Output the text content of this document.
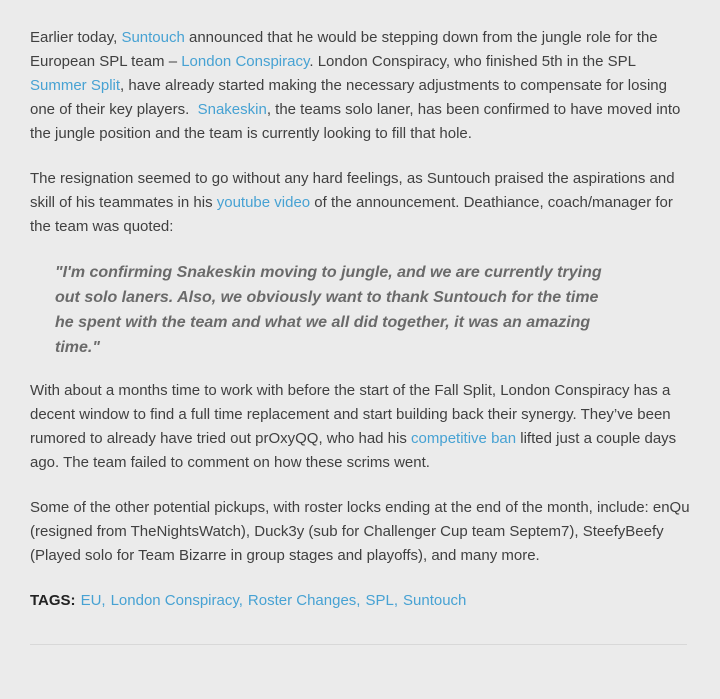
Earlier today, Suntouch announced that he would be stepping down from the jungle role for the European SPL team – London Conspiracy. London Conspiracy, who finished 5th in the SPL Summer Split, have already started making the necessary adjustments to compensate for losing one of their key players.  Snakeskin, the teams solo laner, has been confirmed to have moved into the jungle position and the team is currently looking to fill that hole.

The resignation seemed to go without any hard feelings, as Suntouch praised the aspirations and skill of his teammates in his youtube video of the announcement. Deathiance, coach/manager for the team was quoted:

"I'm confirming Snakeskin moving to jungle, and we are currently trying out solo laners. Also, we obviously want to thank Suntouch for the time he spent with the team and what we all did together, it was an amazing time."

With about a months time to work with before the start of the Fall Split, London Conspiracy has a decent window to find a full time replacement and start building back their synergy. They’ve been rumored to already have tried out prOxyQQ, who had his competitive ban lifted just a couple days ago. The team failed to comment on how these scrims went.

Some of the other potential pickups, with roster locks ending at the end of the month, include: enQu (resigned from TheNightsWatch), Duck3y (sub for Challenger Cup team Septem7), SteefyBeefy (Played solo for Team Bizarre in group stages and playoffs), and many more.

TAGS: EU, London Conspiracy, Roster Changes, SPL, Suntouch
